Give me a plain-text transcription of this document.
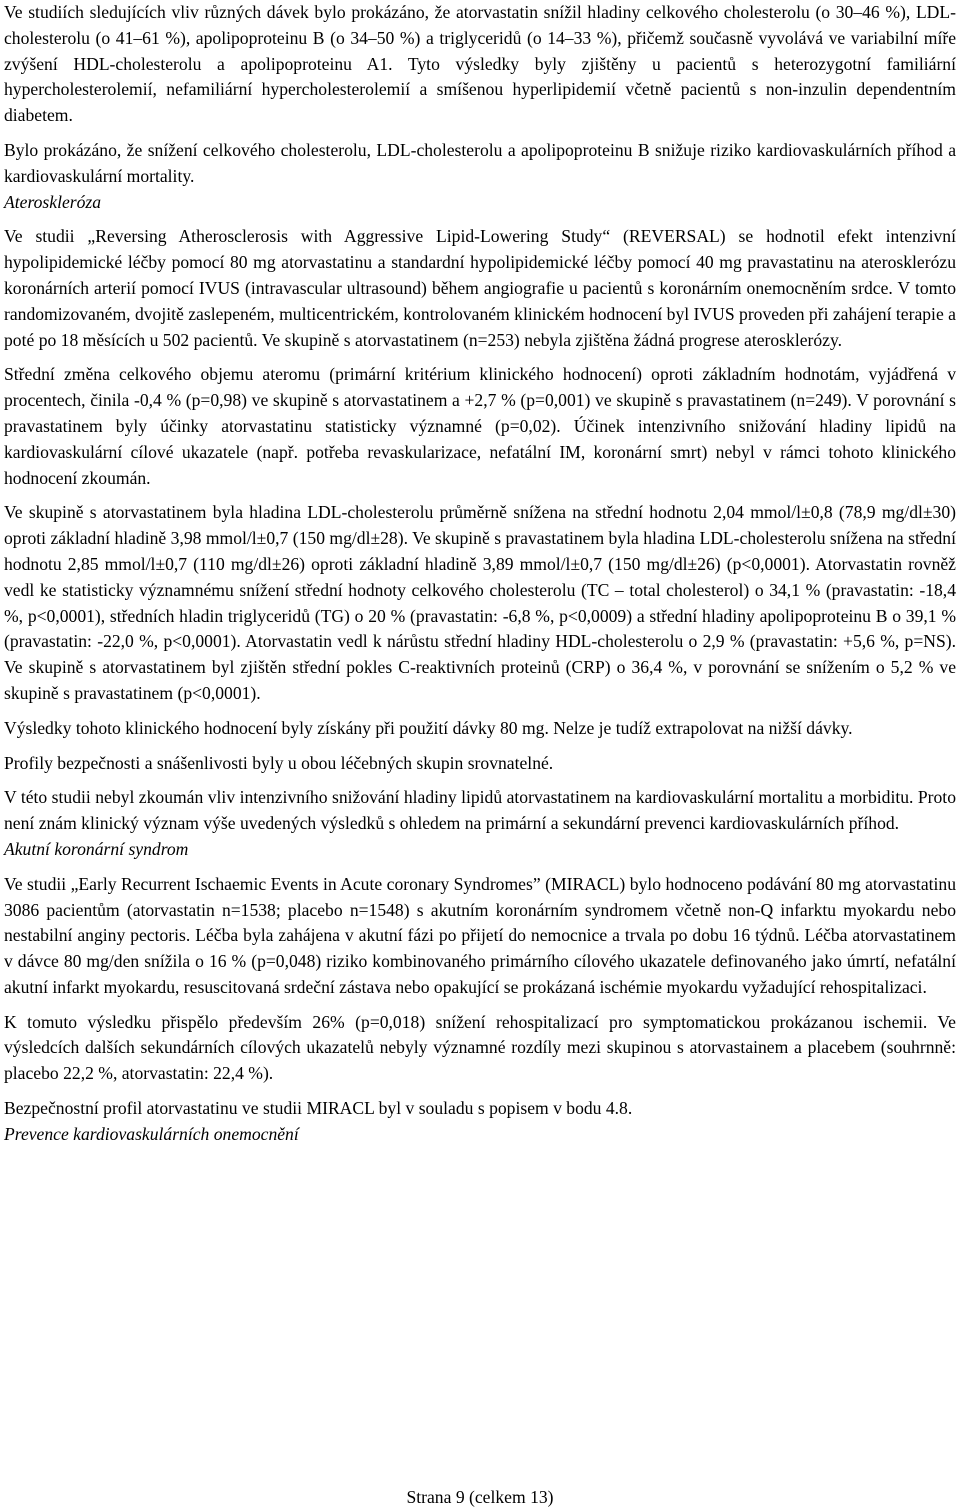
Ve studiích sledujících vliv různých dávek bylo prokázáno, že atorvastatin snížil hladiny celkového cholesterolu (o 30–46 %), LDL-cholesterolu (o 41–61 %), apolipoproteinu B (o 34–50 %) a triglyceridů (o 14–33 %), přičemž současně vyvolává ve variabilní míře zvýšení HDL-cholesterolu a apolipoproteinu A1. Tyto výsledky byly zjištěny u pacientů s heterozygotní familiární hypercholesterolemií, nefamiliární hypercholesterolemií a smíšenou hyperlipidemií včetně pacientů s non-inzulin dependentním diabetem.

Bylo prokázáno, že snížení celkového cholesterolu, LDL-cholesterolu a apolipoproteinu B snižuje riziko kardiovaskulárních příhod a kardiovaskulární mortality.

Ateroskleróza

Ve studii „Reversing Atherosclerosis with Aggressive Lipid-Lowering Study“ (REVERSAL) se hodnotil efekt intenzivní hypolipidemické léčby pomocí 80 mg atorvastatinu a standardní hypolipidemické léčby pomocí 40 mg pravastatinu na aterosklerózu koronárních arterií pomocí IVUS (intravascular ultrasound) během angiografie u pacientů s koronárním onemocněním srdce. V tomto randomizovaném, dvojitě zaslepeném, multicentrickém, kontrolovaném klinickém hodnocení byl IVUS proveden při zahájení terapie a poté po 18 měsících u 502 pacientů. Ve skupině s atorvastatinem (n=253) nebyla zjištěna žádná progrese aterosklerózy.

Střední změna celkového objemu ateromu (primární kritérium klinického hodnocení) oproti základním hodnotám, vyjádřená v procentech, činila -0,4 % (p=0,98) ve skupině s atorvastatinem a +2,7 % (p=0,001) ve skupině s pravastatinem (n=249). V porovnání s pravastatinem byly účinky atorvastatinu statisticky významné (p=0,02). Účinek intenzivního snižování hladiny lipidů na kardiovaskulární cílové ukazatele (např. potřeba revaskularizace, nefatální IM, koronární smrt) nebyl v rámci tohoto klinického hodnocení zkoumán.

Ve skupině s atorvastatinem byla hladina LDL-cholesterolu průměrně snížena na střední hodnotu 2,04 mmol/l±0,8 (78,9 mg/dl±30) oproti základní hladině 3,98 mmol/l±0,7 (150 mg/dl±28). Ve skupině s pravastatinem byla hladina LDL-cholesterolu snížena na střední hodnotu 2,85 mmol/l±0,7 (110 mg/dl±26) oproti základní hladině 3,89 mmol/l±0,7 (150 mg/dl±26) (p<0,0001). Atorvastatin rovněž vedl ke statisticky významnému snížení střední hodnoty celkového cholesterolu (TC – total cholesterol) o 34,1 % (pravastatin: -18,4 %, p<0,0001), středních hladin triglyceridů (TG) o 20 % (pravastatin: -6,8 %, p<0,0009) a střední hladiny apolipoproteinu B o 39,1 % (pravastatin: -22,0 %, p<0,0001). Atorvastatin vedl k nárůstu střední hladiny HDL-cholesterolu o 2,9 % (pravastatin: +5,6 %, p=NS). Ve skupině s atorvastatinem byl zjištěn střední pokles C-reaktivních proteinů (CRP) o 36,4 %, v porovnání se snížením o 5,2 % ve skupině s pravastatinem (p<0,0001).

Výsledky tohoto klinického hodnocení byly získány při použití dávky 80 mg. Nelze je tudíž extrapolovat na nižší dávky.

Profily bezpečnosti a snášenlivosti byly u obou léčebných skupin srovnatelné.

V této studii nebyl zkoumán vliv intenzivního snižování hladiny lipidů atorvastatinem na kardiovaskulární mortalitu a morbiditu. Proto není znám klinický význam výše uvedených výsledků s ohledem na primární a sekundární prevenci kardiovaskulárních příhod.

Akutní koronární syndrom

Ve studii „Early Recurrent Ischaemic Events in Acute coronary Syndromes” (MIRACL) bylo hodnoceno podávání 80 mg atorvastatinu 3086 pacientům (atorvastatin n=1538; placebo n=1548) s akutním koronárním syndromem včetně non-Q infarktu myokardu nebo nestabilní anginy pectoris. Léčba byla zahájena v akutní fázi po přijetí do nemocnice a trvala po dobu 16 týdnů. Léčba atorvastatinem v dávce 80 mg/den snížila o 16 % (p=0,048) riziko kombinovaného primárního cílového ukazatele definovaného jako úmrtí, nefatální akutní infarkt myokardu, resuscitovaná srdeční zástava nebo opakující se prokázaná ischémie myokardu vyžadující rehospitalizaci.

K tomuto výsledku přispělo především 26% (p=0,018) snížení rehospitalizací pro symptomatickou prokázanou ischemii. Ve výsledcích dalších sekundárních cílových ukazatelů nebyly významné rozdíly mezi skupinou s atorvastainem a placebem (souhrnně: placebo 22,2 %, atorvastatin: 22,4 %).

Bezpečnostní profil atorvastatinu ve studii MIRACL byl v souladu s popisem v bodu 4.8.

Prevence kardiovaskulárních onemocnění

Strana 9 (celkem 13)
